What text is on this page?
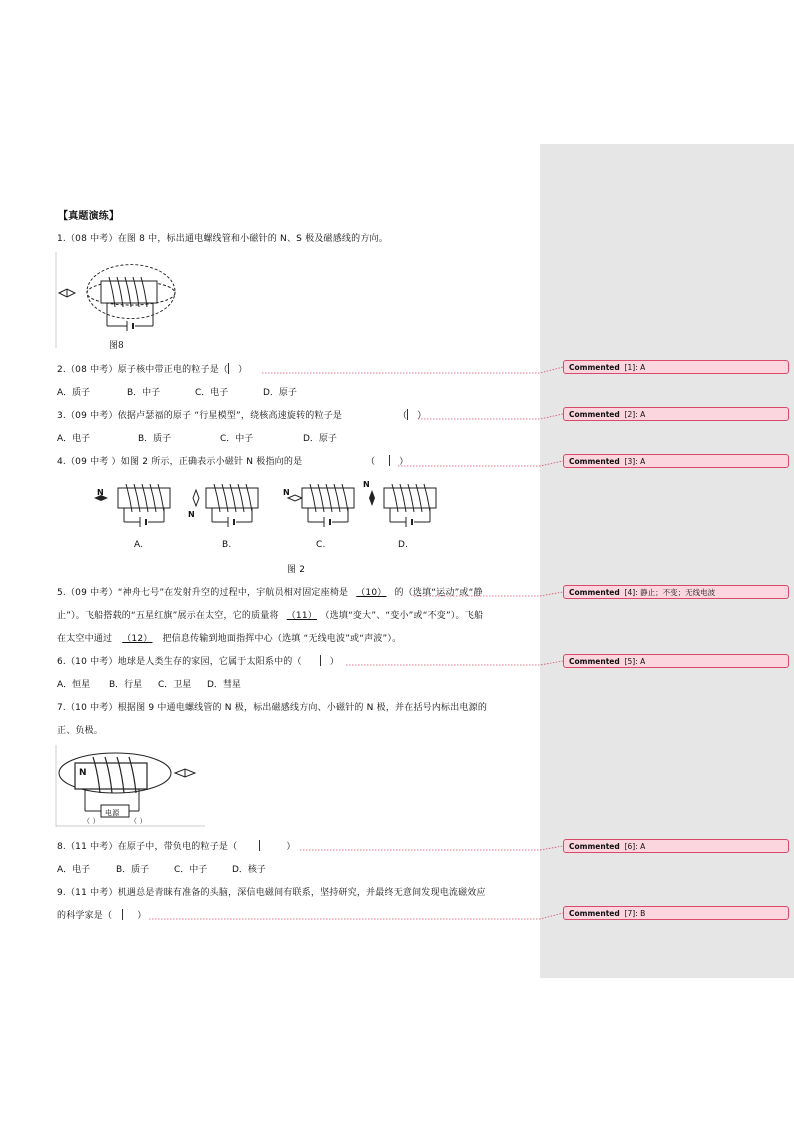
【真题演练】
1.（08 中考）在图 8 中，标出通电螺线管和小磁针的 N、S 极及磁感线的方向。
图8
2.（08 中考）原子核中带正电的粒子是（ ）
A．质子	B．中子	C．电子	D．原子
3.（09 中考）依据卢瑟福的原子 “行星模型”，绕核高速旋转的粒子是	（ ）
A．电子	B．质子	C．中子	D．原子
4.（09 中考 ）如图 2 所示，正确表示小磁针 N 极指向的是	（	）
N
N
N
N
A.	B.	C.	D.
图 2
5.（09 中考）“神舟七号”在发射升空的过程中，宇航员相对固定座椅是 （10） 的（选填“运动”或“静
止”）。飞船搭载的“五星红旗”展示在太空，它的质量将 （11） （选填“变大”、“变小”或“不变”）。飞船
在太空中通过 （12） 把信息传输到地面指挥中心（选填 “无线电波”或“声波”）。
6.（10 中考）地球是人类生存的家园，它属于太阳系中的（	）
A．恒星 B．行星 C．卫星 D．彗星
7.（10 中考）根据图 9 中通电螺线管的 N 极，标出磁感线方向、小磁针的 N 极，并在括号内标出电源的
正、负极。
N
电源
（ ）	（ ）
8.（11 中考）在原子中，带负电的粒子是（	）
A．电子	B．质子	C．中子	D．核子
9.（11 中考）机遇总是青睐有准备的头脑，深信电磁间有联系，坚持研究，并最终无意间发现电流磁效应
的科学家是（	）
Commented [1]: A
Commented [2]: A
Commented [3]: A
Commented [4]: 静止；不变；无线电波
Commented [5]: A
Commented [6]: A
Commented [7]: B
